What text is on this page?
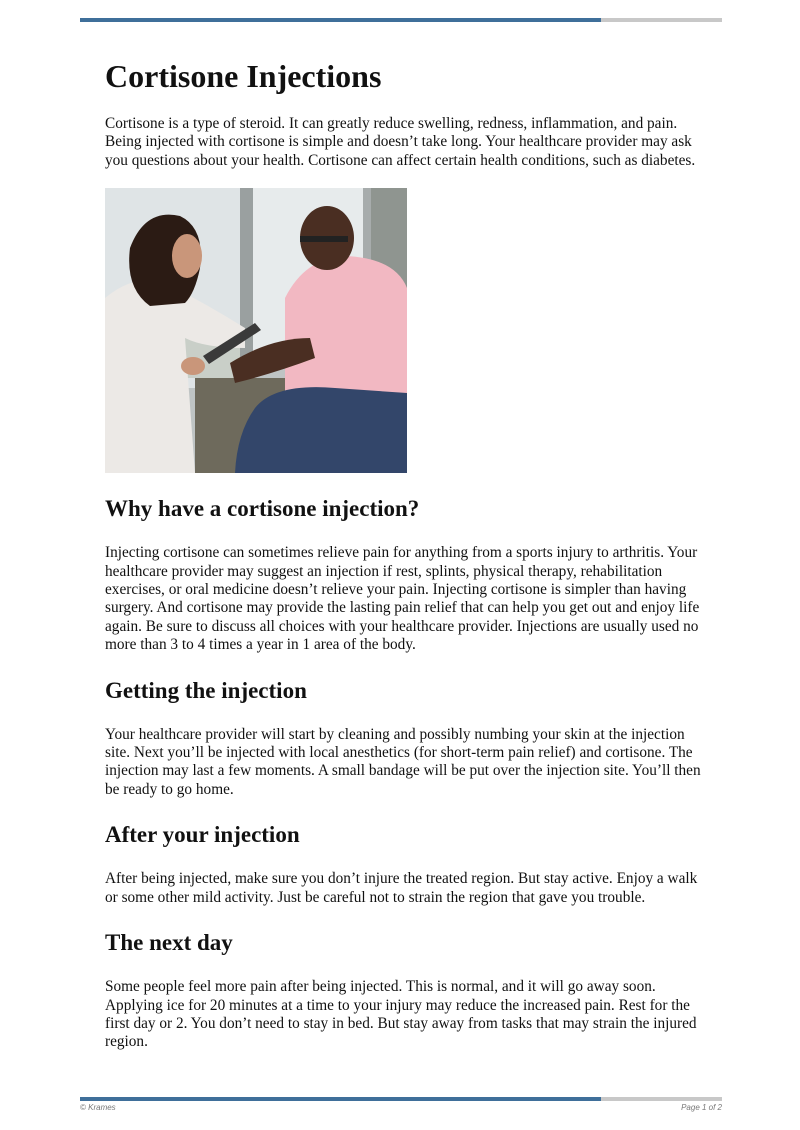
Cortisone Injections

Cortisone is a type of steroid. It can greatly reduce swelling, redness, inflammation, and pain. Being injected with cortisone is simple and doesn’t take long. Your healthcare provider may ask you questions about your health. Cortisone can affect certain health conditions, such as diabetes.

Why have a cortisone injection?

Injecting cortisone can sometimes relieve pain for anything from a sports injury to arthritis. Your healthcare provider may suggest an injection if rest, splints, physical therapy, rehabilitation exercises, or oral medicine doesn’t relieve your pain. Injecting cortisone is simpler than having surgery. And cortisone may provide the lasting pain relief that can help you get out and enjoy life again. Be sure to discuss all choices with your healthcare provider. Injections are usually used no more than 3 to 4 times a year in 1 area of the body.

Getting the injection

Your healthcare provider will start by cleaning and possibly numbing your skin at the injection site. Next you’ll be injected with local anesthetics (for short-term pain relief) and cortisone. The injection may last a few moments. A small bandage will be put over the injection site. You’ll then be ready to go home.

After your injection

After being injected, make sure you don’t injure the treated region. But stay active. Enjoy a walk or some other mild activity. Just be careful not to strain the region that gave you trouble.

The next day

Some people feel more pain after being injected. This is normal, and it will go away soon. Applying ice for 20 minutes at a time to your injury may reduce the increased pain. Rest for the first day or 2. You don’t need to stay in bed. But stay away from tasks that may strain the injured region.

© Krames	Page 1 of 2
